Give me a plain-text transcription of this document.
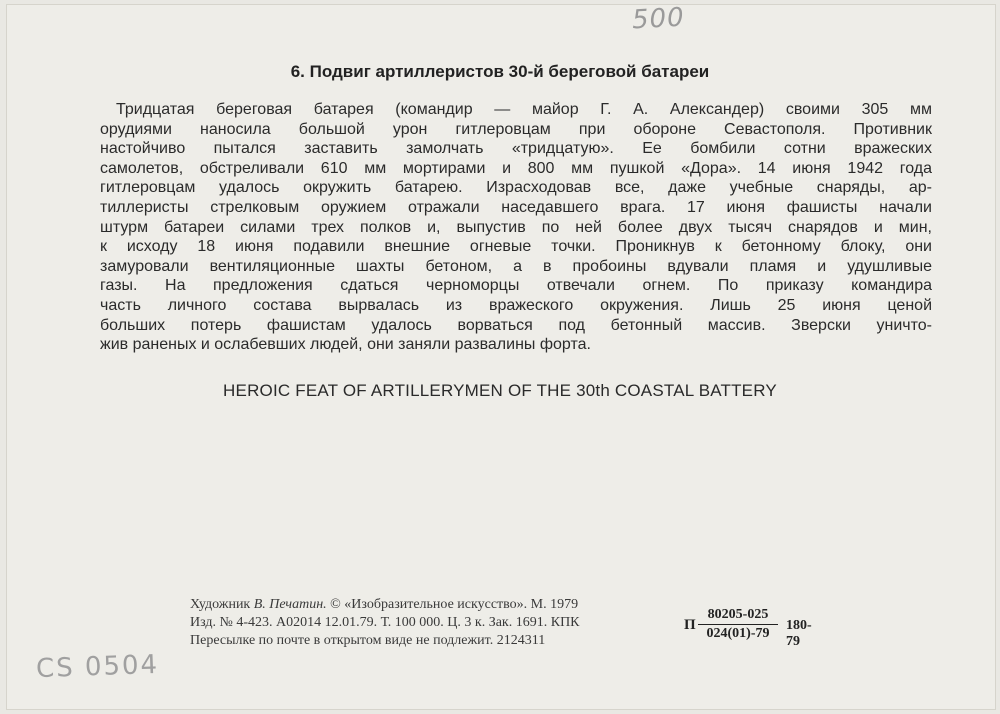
500
6. Подвиг артиллеристов 30-й береговой батареи
Тридцатая береговая батарея (командир — майор Г. А. Александер) своими 305 мм
орудиями наносила большой урон гитлеровцам при обороне Севастополя. Противник
настойчиво пытался заставить замолчать «тридцатую». Ее бомбили сотни вражеских
самолетов, обстреливали 610 мм мортирами и 800 мм пушкой «Дора». 14 июня 1942 года
гитлеровцам удалось окружить батарею. Израсходовав все, даже учебные снаряды, ар-
тиллеристы стрелковым оружием отражали наседавшего врага. 17 июня фашисты начали
штурм батареи силами трех полков и, выпустив по ней более двух тысяч снарядов и мин,
к исходу 18 июня подавили внешние огневые точки. Проникнув к бетонному блоку, они
замуровали вентиляционные шахты бетоном, а в пробоины вдували пламя и удушливые
газы. На предложения сдаться черноморцы отвечали огнем. По приказу командира
часть личного состава вырвалась из вражеского окружения. Лишь 25 июня ценой
больших потерь фашистам удалось ворваться под бетонный массив. Зверски уничто-
жив раненых и ослабевших людей, они заняли развалины форта.
HEROIC FEAT OF ARTILLERYMEN OF THE 30th COASTAL BATTERY
Художник В. Печатин. © «Изобразительное искусство». М. 1979
Изд. № 4-423. А02014 12.01.79. Т. 100 000. Ц. 3 к. Зак. 1691. КПК
Пересылке по почте в открытом виде не подлежит. 2124311
П $\frac{80205-025}{024(01)-79} 180-79$
CS 0504
